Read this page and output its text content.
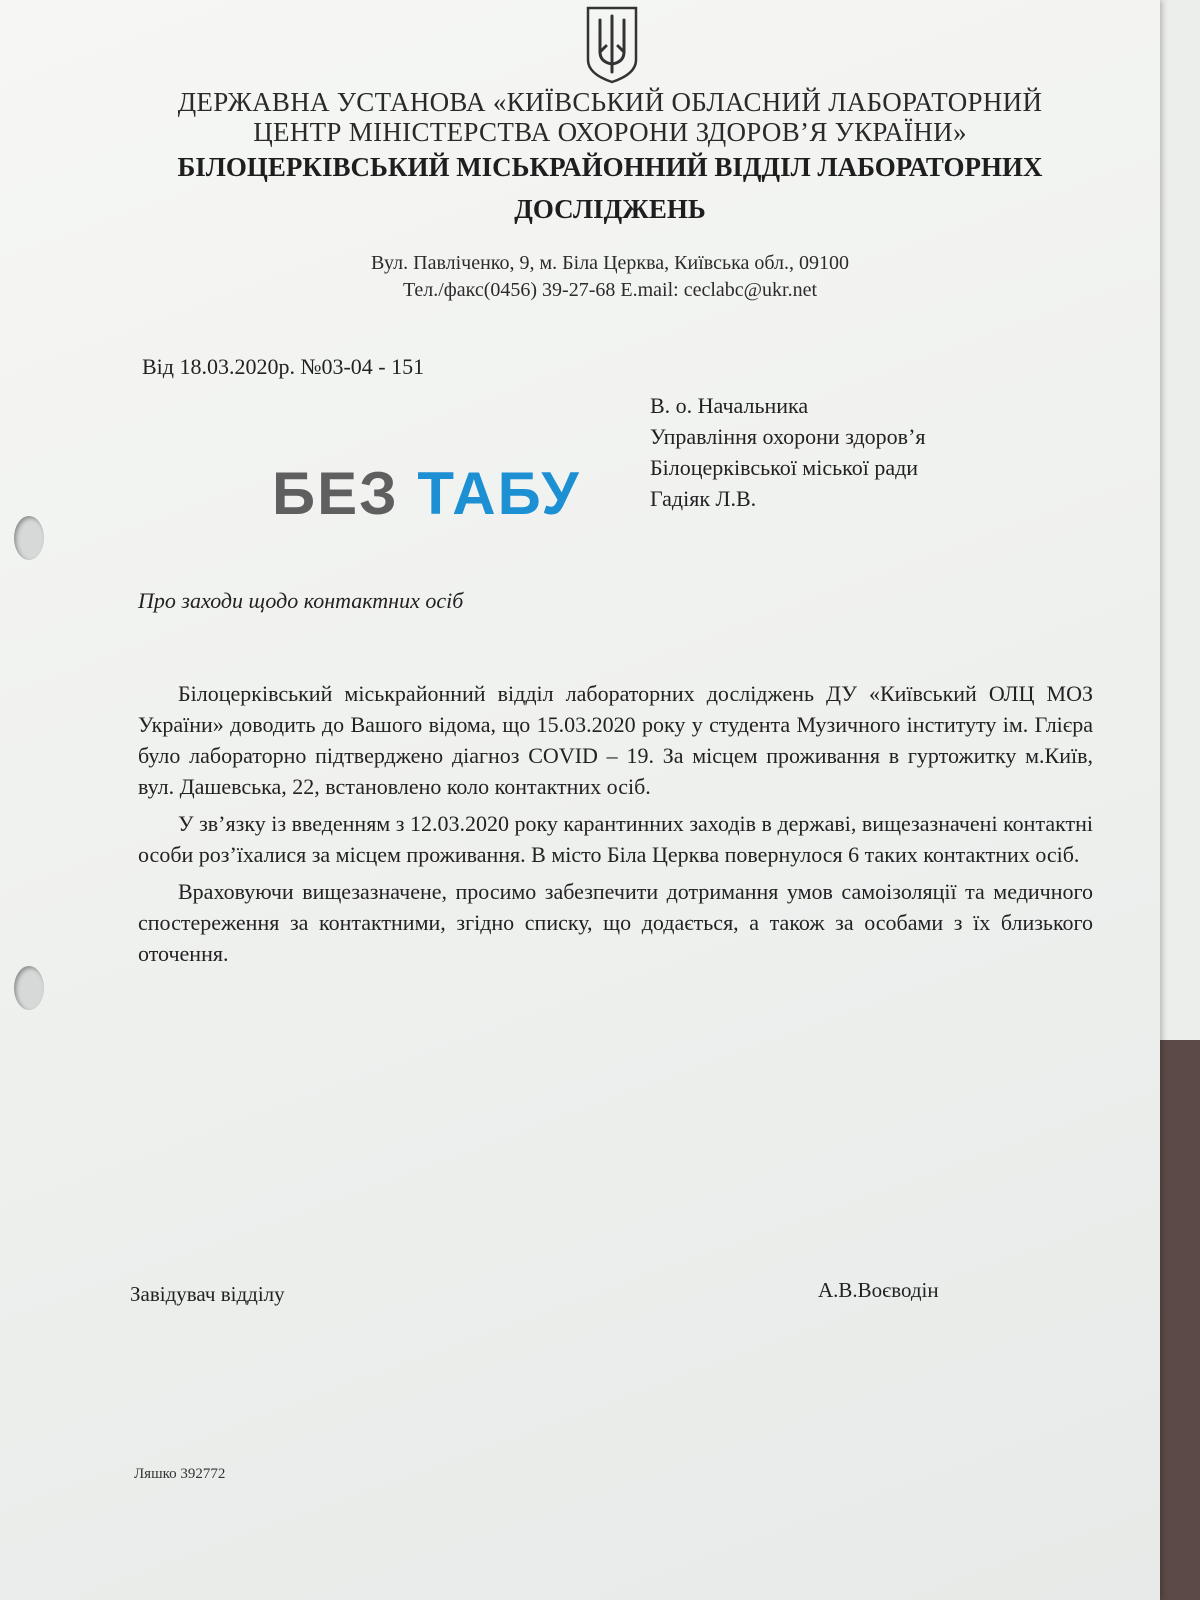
ДЕРЖАВНА УСТАНОВА «КИЇВСЬКИЙ ОБЛАСНИЙ ЛАБОРАТОРНИЙ
ЦЕНТР МІНІСТЕРСТВА ОХОРОНИ ЗДОРОВ’Я УКРАЇНИ»
БІЛОЦЕРКІВСЬКИЙ МІСЬКРАЙОННИЙ ВІДДІЛ ЛАБОРАТОРНИХ
ДОСЛІДЖЕНЬ
Вул. Павліченко, 9, м. Біла Церква, Київська обл., 09100
Тел./факс(0456) 39-27-68 E.mail: ceclabc@ukr.net
Від 18.03.2020р. №03-04 - 151
В. о. Начальника
Управління охорони здоров’я
Білоцерківської міської ради
Гадіяк Л.В.
БЕЗ ТАБУ
Про заходи щодо контактних осіб

Білоцерківський міськрайонний відділ лабораторних досліджень ДУ «Київський ОЛЦ МОЗ України» доводить до Вашого відома, що 15.03.2020 року у студента Музичного інституту ім. Глієра було лабораторно підтверджено діагноз COVID – 19. За місцем проживання в гуртожитку м.Київ, вул. Дашевська, 22, встановлено коло контактних осіб.

У зв’язку із введенням з 12.03.2020 року карантинних заходів в державі, вищезазначені контактні особи роз’їхалися за місцем проживання. В місто Біла Церква повернулося 6 таких контактних осіб.

Враховуючи вищезазначене, просимо забезпечити дотримання умов самоізоляції та медичного спостереження за контактними, згідно списку, що додається, а також за особами з їх близького оточення.

Завідувач відділу	А.В.Воєводін
Ляшко 392772
